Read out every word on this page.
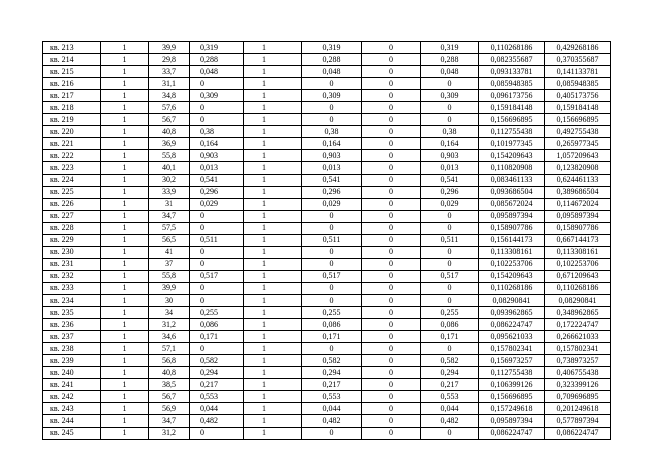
кв. 213	1	39,9	0,319	1	0,319	0	0,319	0,110268186	0,429268186
кв. 214	1	29,8	0,288	1	0,288	0	0,288	0,082355687	0,370355687
кв. 215	1	33,7	0,048	1	0,048	0	0,048	0,093133781	0,141133781
кв. 216	1	31,1	0	1	0	0	0	0,085948385	0,085948385
кв. 217	1	34,8	0,309	1	0,309	0	0,309	0,096173756	0,405173756
кв. 218	1	57,6	0	1	0	0	0	0,159184148	0,159184148
кв. 219	1	56,7	0	1	0	0	0	0,156696895	0,156696895
кв. 220	1	40,8	0,38	1	0,38	0	0,38	0,112755438	0,492755438
кв. 221	1	36,9	0,164	1	0,164	0	0,164	0,101977345	0,265977345
кв. 222	1	55,8	0,903	1	0,903	0	0,903	0,154209643	1,057209643
кв. 223	1	40,1	0,013	1	0,013	0	0,013	0,110820908	0,123820908
кв. 224	1	30,2	0,541	1	0,541	0	0,541	0,083461133	0,624461133
кв. 225	1	33,9	0,296	1	0,296	0	0,296	0,093686504	0,389686504
кв. 226	1	31	0,029	1	0,029	0	0,029	0,085672024	0,114672024
кв. 227	1	34,7	0	1	0	0	0	0,095897394	0,095897394
кв. 228	1	57,5	0	1	0	0	0	0,158907786	0,158907786
кв. 229	1	56,5	0,511	1	0,511	0	0,511	0,156144173	0,667144173
кв. 230	1	41	0	1	0	0	0	0,113308161	0,113308161
кв. 231	1	37	0	1	0	0	0	0,102253706	0,102253706
кв. 232	1	55,8	0,517	1	0,517	0	0,517	0,154209643	0,671209643
кв. 233	1	39,9	0	1	0	0	0	0,110268186	0,110268186
кв. 234	1	30	0	1	0	0	0	0,08290841	0,08290841
кв. 235	1	34	0,255	1	0,255	0	0,255	0,093962865	0,348962865
кв. 236	1	31,2	0,086	1	0,086	0	0,086	0,086224747	0,172224747
кв. 237	1	34,6	0,171	1	0,171	0	0,171	0,095621033	0,266621033
кв. 238	1	57,1	0	1	0	0	0	0,157802341	0,157802341
кв. 239	1	56,8	0,582	1	0,582	0	0,582	0,156973257	0,738973257
кв. 240	1	40,8	0,294	1	0,294	0	0,294	0,112755438	0,406755438
кв. 241	1	38,5	0,217	1	0,217	0	0,217	0,106399126	0,323399126
кв. 242	1	56,7	0,553	1	0,553	0	0,553	0,156696895	0,709696895
кв. 243	1	56,9	0,044	1	0,044	0	0,044	0,157249618	0,201249618
кв. 244	1	34,7	0,482	1	0,482	0	0,482	0,095897394	0,577897394
кв. 245	1	31,2	0	1	0	0	0	0,086224747	0,086224747
